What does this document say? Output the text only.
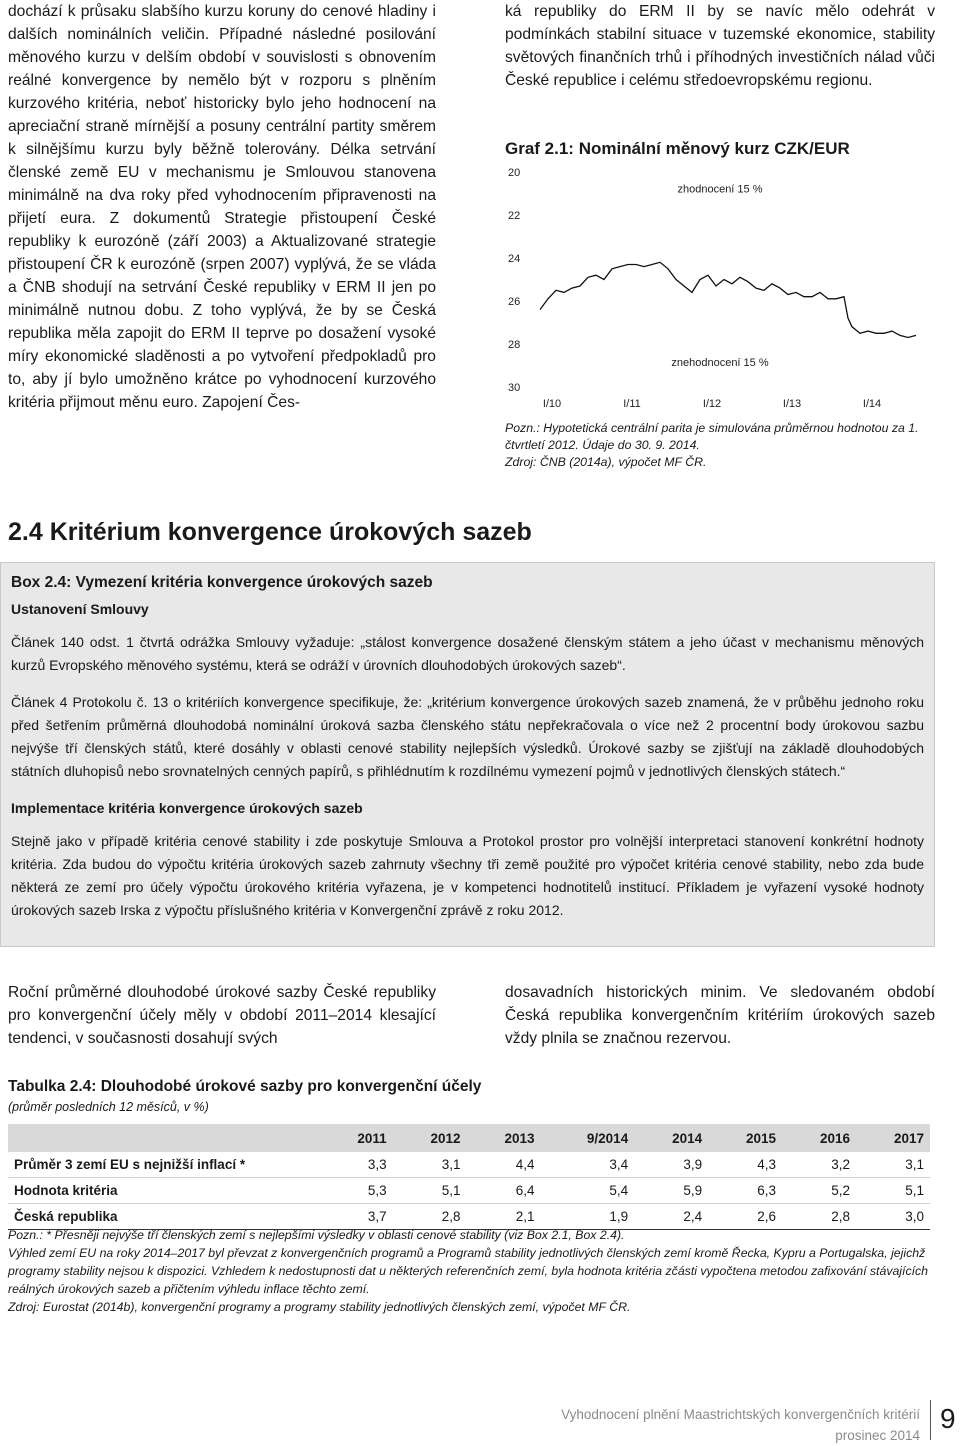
dochází k průsaku slabšího kurzu koruny do cenové hladiny i dalších nominálních veličin. Případné následné posilování měnového kurzu v delším období v souvislosti s obnovením reálné konvergence by nemělo být v rozporu s plněním kurzového kritéria, neboť historicky bylo jeho hodnocení na apreciační straně mírnější a posuny centrální partity směrem k silnějšímu kurzu byly běžně tolerovány. Délka setrvání členské země EU v mechanismu je Smlouvou stanovena minimálně na dva roky před vyhodnocením připravenosti na přijetí eura. Z dokumentů Strategie přistoupení České republiky k eurozóně (září 2003) a Aktualizované strategie přistoupení ČR k eurozóně (srpen 2007) vyplývá, že se vláda a ČNB shodují na setrvání České republiky v ERM II jen po minimálně nutnou dobu. Z toho vyplývá, že by se Česká republika měla zapojit do ERM II teprve po dosažení vysoké míry ekonomické sladěnosti a po vytvoření předpokladů pro to, aby jí bylo umožněno krátce po vyhodnocení kurzového kritéria přijmout měnu euro. Zapojení Čes-

ká republiky do ERM II by se navíc mělo odehrát v podmínkách stabilní situace v tuzemské ekonomice, stability světových finančních trhů i příhodných investičních nálad vůči České republice i celému středoevropskému regionu.

Graf 2.1: Nominální měnový kurz CZK/EUR
20
22
24
26
28
30
I/10	I/11	I/12	I/13	I/14
zhodnocení 15 %
znehodnocení 15 %
Pozn.: Hypotetická centrální parita je simulována průměrnou hodnotou za 1. čtvrtletí 2012. Údaje do 30. 9. 2014.
Zdroj: ČNB (2014a), výpočet MF ČR.
2.4 Kritérium konvergence úrokových sazeb

Box 2.4: Vymezení kritéria konvergence úrokových sazeb

Ustanovení Smlouvy

Článek 140 odst. 1 čtvrtá odrážka Smlouvy vyžaduje: „stálost konvergence dosažené členským státem a jeho účast v mechanismu měnových kurzů Evropského měnového systému, která se odráží v úrovních dlouhodobých úrokových sazeb“.

Článek 4 Protokolu č. 13 o kritériích konvergence specifikuje, že: „kritérium konvergence úrokových sazeb znamená, že v průběhu jednoho roku před šetřením průměrná dlouhodobá nominální úroková sazba členského státu nepřekračovala o více než 2 procentní body úrokovou sazbu nejvýše tří členských států, které dosáhly v oblasti cenové stability nejlepších výsledků. Úrokové sazby se zjišťují na základě dlouhodobých státních dluhopisů nebo srovnatelných cenných papírů, s přihlédnutím k rozdílnému vymezení pojmů v jednotlivých členských státech.“

Implementace kritéria konvergence úrokových sazeb

Stejně jako v případě kritéria cenové stability i zde poskytuje Smlouva a Protokol prostor pro volnější interpretaci stanovení konkrétní hodnoty kritéria. Zda budou do výpočtu kritéria úrokových sazeb zahrnuty všechny tři země použité pro výpočet kritéria cenové stability, nebo zda bude některá ze zemí pro účely výpočtu úrokového kritéria vyřazena, je v kompetenci hodnotitelů institucí. Příkladem je vyřazení vysoké hodnoty úrokových sazeb Irska z výpočtu příslušného kritéria v Konvergenční zprávě z roku 2012.

Roční průměrné dlouhodobé úrokové sazby České republiky pro konvergenční účely měly v období 2011–2014 klesající tendenci, v současnosti dosahují svých

dosavadních historických minim. Ve sledovaném období Česká republika konvergenčním kritériím úrokových sazeb vždy plnila se značnou rezervou.

Tabulka 2.4: Dlouhodobé úrokové sazby pro konvergenční účely
(průměr posledních 12 měsíců, v %)
	2011	2012	2013	9/2014	2014	2015	2016	2017
Průměr 3 zemí EU s nejnižší inflací *	3,3	3,1	4,4	3,4	3,9	4,3	3,2	3,1
Hodnota kritéria	5,3	5,1	6,4	5,4	5,9	6,3	5,2	5,1
Česká republika	3,7	2,8	2,1	1,9	2,4	2,6	2,8	3,0

Pozn.: * Přesněji nejvýše tří členských zemí s nejlepšími výsledky v oblasti cenové stability (viz Box 2.1, Box 2.4).

Výhled zemí EU na roky 2014–2017 byl převzat z konvergenčních programů a Programů stability jednotlivých členských zemí kromě Řecka, Kypru a Portugalska, jejichž programy stability nejsou k dispozici. Vzhledem k nedostupnosti dat u některých referenčních zemí, byla hodnota kritéria zčásti vypočtena metodou zafixování stávajících reálných úrokových sazeb a přičtením výhledu inflace těchto zemí.

Zdroj: Eurostat (2014b), konvergenční programy a programy stability jednotlivých členských zemí, výpočet MF ČR.

Vyhodnocení plnění Maastrichtských konvergenčních kritérií
prosinec 2014
9
